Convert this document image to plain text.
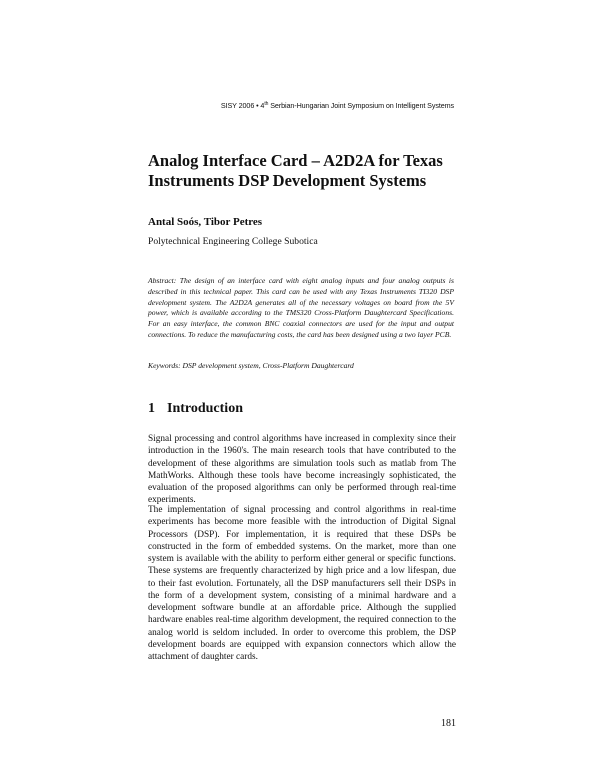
SISY 2006 • 4th Serbian-Hungarian Joint Symposium on Intelligent Systems
Analog Interface Card – A2D2A for Texas Instruments DSP Development Systems

Antal Soós, Tibor Petres

Polytechnical Engineering College Subotica

Abstract: The design of an interface card with eight analog inputs and four analog outputs is described in this technical paper. This card can be used with any Texas Instruments TI320 DSP development system. The A2D2A generates all of the necessary voltages on board from the 5V power, which is available according to the TMS320 Cross-Platform Daughtercard Specifications. For an easy interface, the common BNC coaxial connectors are used for the input and output connections. To reduce the manufacturing costs, the card has been designed using a two layer PCB.

Keywords: DSP development system, Cross-Platform Daughtercard

1 Introduction

Signal processing and control algorithms have increased in complexity since their introduction in the 1960's. The main research tools that have contributed to the development of these algorithms are simulation tools such as matlab from The MathWorks. Although these tools have become increasingly sophisticated, the evaluation of the proposed algorithms can only be performed through real-time experiments.

The implementation of signal processing and control algorithms in real-time experiments has become more feasible with the introduction of Digital Signal Processors (DSP). For implementation, it is required that these DSPs be constructed in the form of embedded systems. On the market, more than one system is available with the ability to perform either general or specific functions. These systems are frequently characterized by high price and a low lifespan, due to their fast evolution. Fortunately, all the DSP manufacturers sell their DSPs in the form of a development system, consisting of a minimal hardware and a development software bundle at an affordable price. Although the supplied hardware enables real-time algorithm development, the required connection to the analog world is seldom included. In order to overcome this problem, the DSP development boards are equipped with expansion connectors which allow the attachment of daughter cards.

181
